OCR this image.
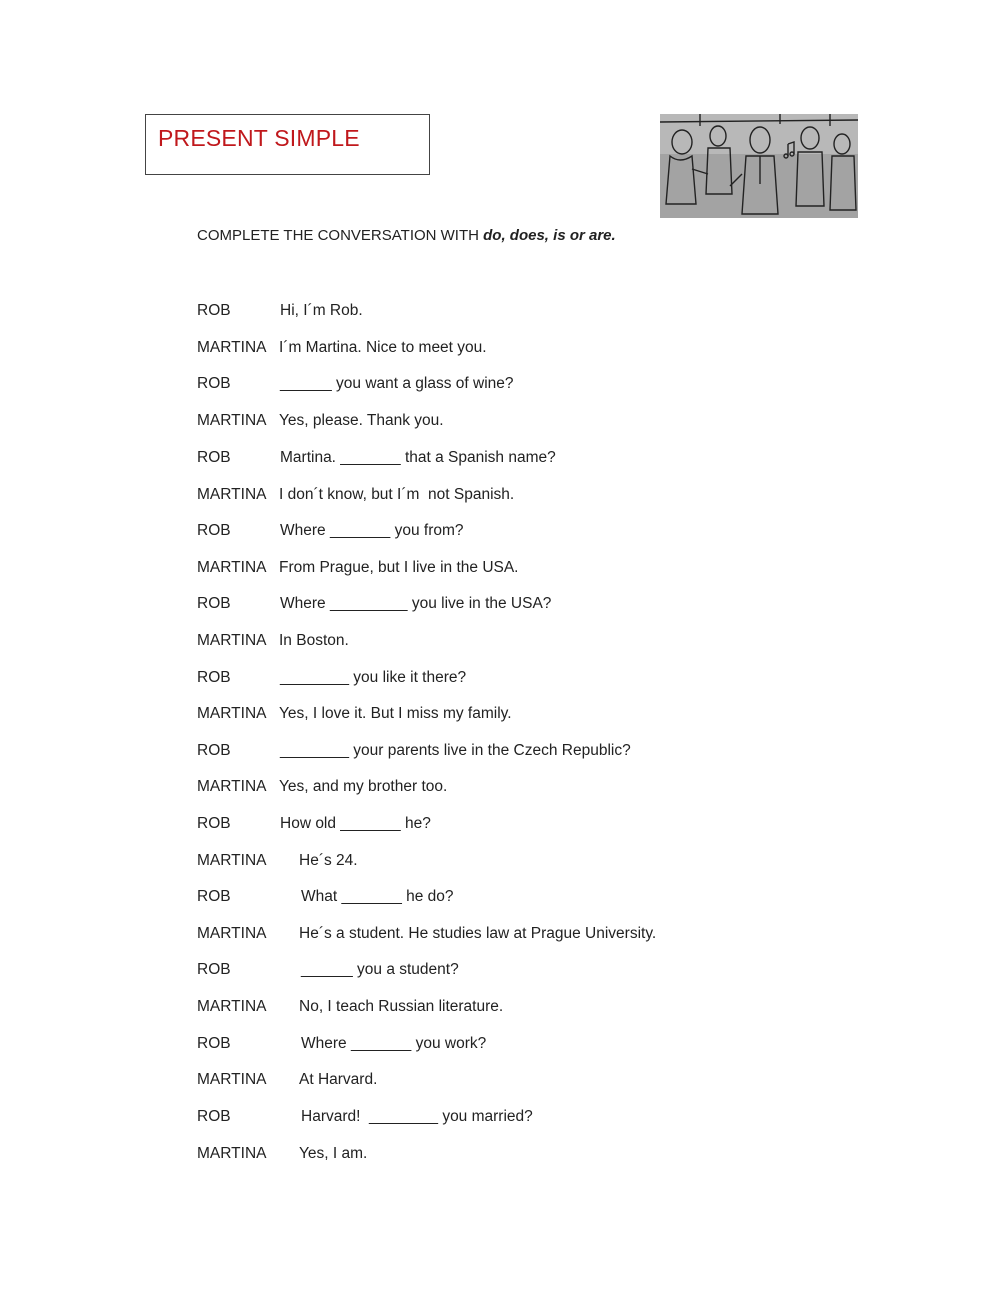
PRESENT SIMPLE
COMPLETE THE CONVERSATION WITH do, does, is or are.
ROB	Hi, I´m Rob.
MARTINA I´m Martina. Nice to meet you.
ROB	______ you want a glass of wine?
MARTINA Yes, please. Thank you.
ROB	Martina. _______ that a Spanish name?
MARTINA I don´t know, but I´m  not Spanish.
ROB	Where _______ you from?
MARTINA From Prague, but I live in the USA.
ROB	Where _________ you live in the USA?
MARTINA In Boston.
ROB	________ you like it there?
MARTINA Yes, I love it. But I miss my family.
ROB	________ your parents live in the Czech Republic?
MARTINA Yes, and my brother too.
ROB	How old _______ he?
MARTINA He´s 24.
ROB	What _______ he do?
MARTINA He´s a student. He studies law at Prague University.
ROB	______ you a student?
MARTINA No, I teach Russian literature.
ROB	Where _______ you work?
MARTINA At Harvard.
ROB	Harvard!  ________ you married?
MARTINA Yes, I am.
